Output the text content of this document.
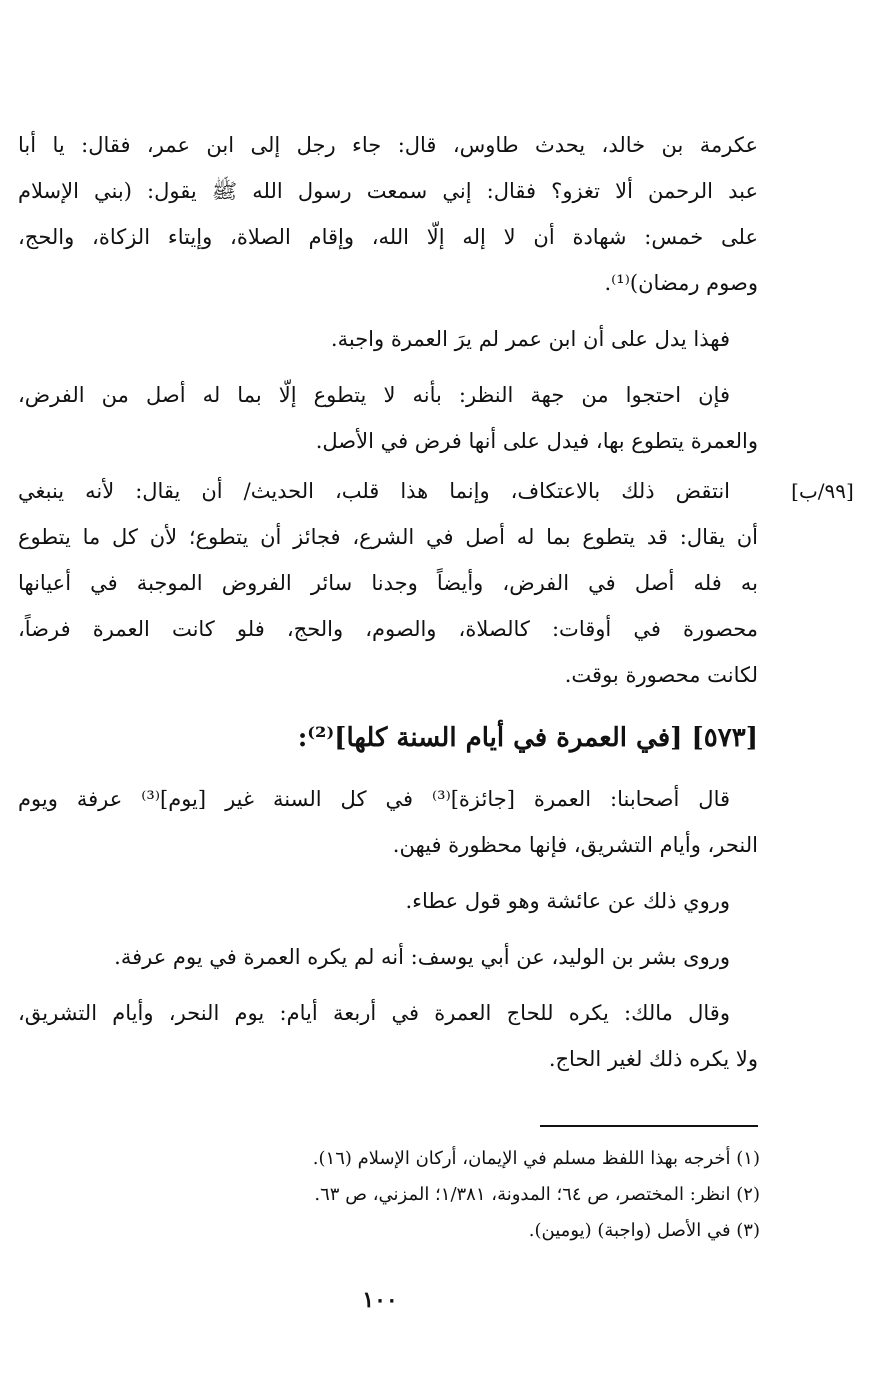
عكرمة بن خالد، يحدث طاوس، قال: جاء رجل إلى ابن عمر، فقال: يا أبا
عبد الرحمن ألا تغزو؟ فقال: إني سمعت رسول الله ﷺ يقول: (بني الإسلام
على خمس: شهادة أن لا إله إلّا الله، وإقام الصلاة، وإيتاء الزكاة، والحج،
وصوم رمضان)⁽¹⁾.
فهذا يدل على أن ابن عمر لم يرَ العمرة واجبة.
فإن احتجوا من جهة النظر: بأنه لا يتطوع إلّا بما له أصل من الفرض،
والعمرة يتطوع بها، فيدل على أنها فرض في الأصل.
[٩٩/ب]
انتقض ذلك بالاعتكاف، وإنما هذا قلب، الحديث/ أن يقال: لأنه ينبغي
أن يقال: قد يتطوع بما له أصل في الشرع، فجائز أن يتطوع؛ لأن كل ما يتطوع
به فله أصل في الفرض، وأيضاً وجدنا سائر الفروض الموجبة في أعيانها
محصورة في أوقات: كالصلاة، والصوم، والحج، فلو كانت العمرة فرضاً،
لكانت محصورة بوقت.
[٥٧٣] [في العمرة في أيام السنة كلها]⁽²⁾:
قال أصحابنا: العمرة [جائزة]⁽³⁾ في كل السنة غير [يوم]⁽³⁾ عرفة ويوم
النحر، وأيام التشريق، فإنها محظورة فيهن.
وروي ذلك عن عائشة وهو قول عطاء.
وروى بشر بن الوليد، عن أبي يوسف: أنه لم يكره العمرة في يوم عرفة.
وقال مالك: يكره للحاج العمرة في أربعة أيام: يوم النحر، وأيام التشريق،
ولا يكره ذلك لغير الحاج.
(١) أخرجه بهذا اللفظ مسلم في الإيمان، أركان الإسلام (١٦).
(٢) انظر: المختصر، ص ٦٤؛ المدونة، ١/٣٨١؛ المزني، ص ٦٣.
(٣) في الأصل (واجبة) (يومين).
١٠٠
